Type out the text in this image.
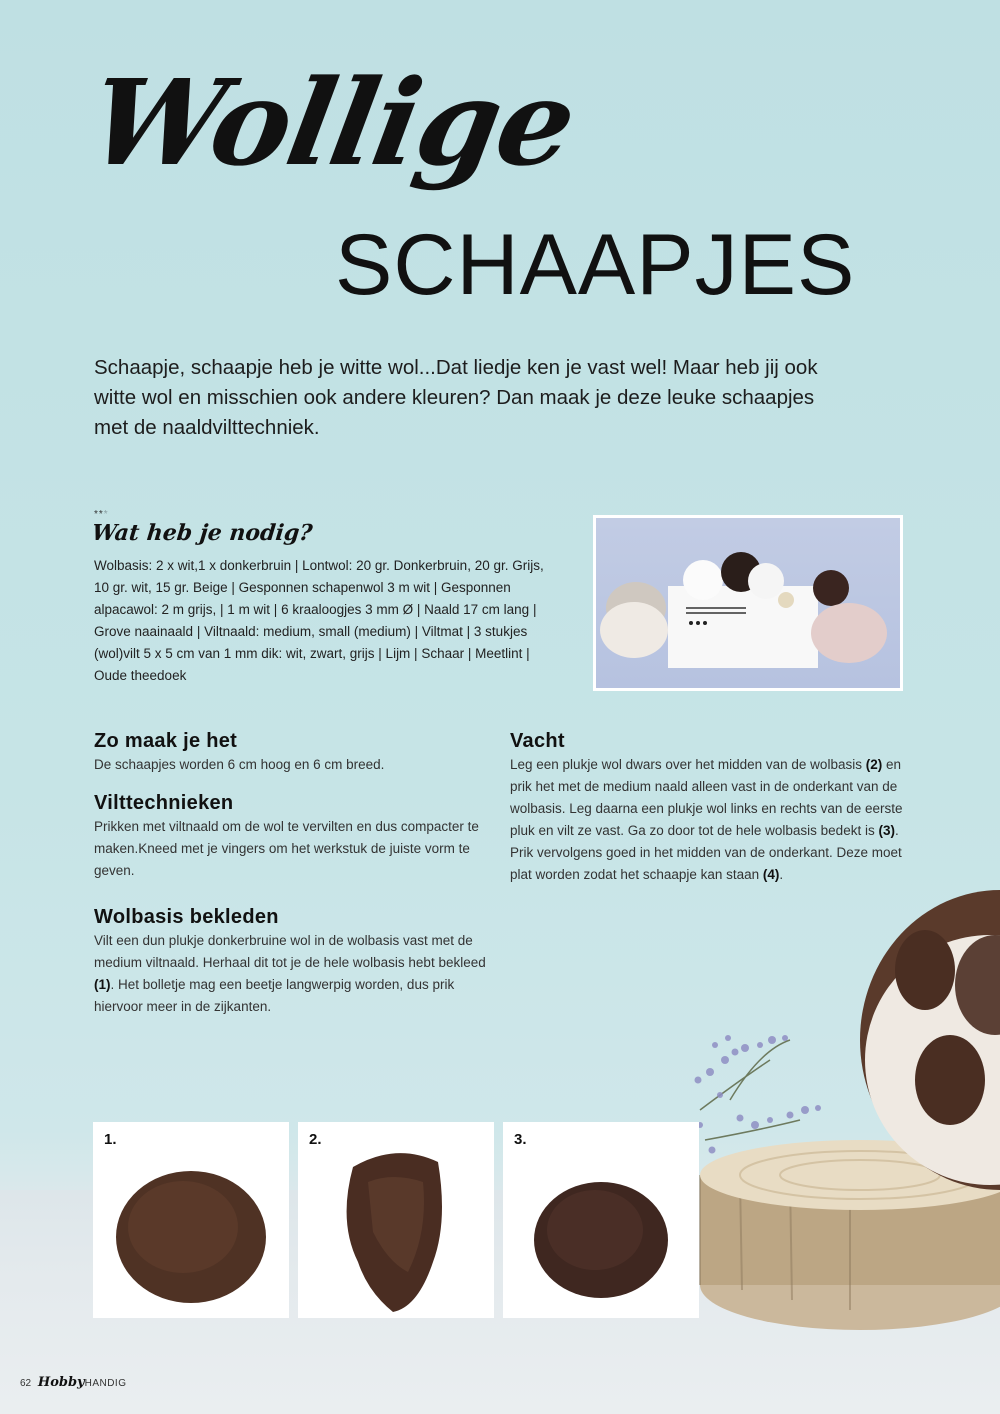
Wollige
SCHAAPJES
Schaapje, schaapje heb je witte wol...Dat liedje ken je vast wel! Maar heb jij ook witte wol en misschien ook andere kleuren? Dan maak je deze leuke schaapjes met de naaldvilttechniek.
***
Wat heb je nodig?
Wolbasis: 2 x wit,1 x donkerbruin | Lontwol: 20 gr. Donkerbruin, 20 gr. Grijs, 10 gr. wit, 15 gr. Beige | Gesponnen schapenwol 3 m wit | Gesponnen alpacawol: 2 m grijs, | 1 m wit | 6 kraaloogjes 3 mm Ø | Naald 17 cm lang | Grove naainaald | Viltnaald: medium, small (medium) | Viltmat | 3 stukjes (wol)vilt 5 x 5 cm van 1 mm dik: wit, zwart, grijs | Lijm | Schaar | Meetlint | Oude theedoek
Zo maak je het

De schaapjes worden 6 cm hoog en 6 cm breed.

Vilttechnieken

Prikken met viltnaald om de wol te vervilten en dus compacter te maken.Kneed met je vingers om het werkstuk de juiste vorm te geven.

Wolbasis bekleden

Vilt een dun plukje donkerbruine wol in de wolbasis vast met de medium viltnaald. Herhaal dit tot je de hele wolbasis hebt bekleed (1). Het bolletje mag een beetje langwerpig worden, dus prik hiervoor meer in de zijkanten.

Vacht

Leg een plukje wol dwars over het midden van de wolbasis (2) en prik het met de medium naald alleen vast in de onderkant van de wolbasis. Leg daarna een plukje wol links en rechts van de eerste pluk en vilt ze vast. Ga zo door tot de hele wolbasis bedekt is (3). Prik vervolgens goed in het midden van de onderkant. Deze moet plat worden zodat het schaapje kan staan (4).

1.	2.	3.
62 HobbyHANDIG
